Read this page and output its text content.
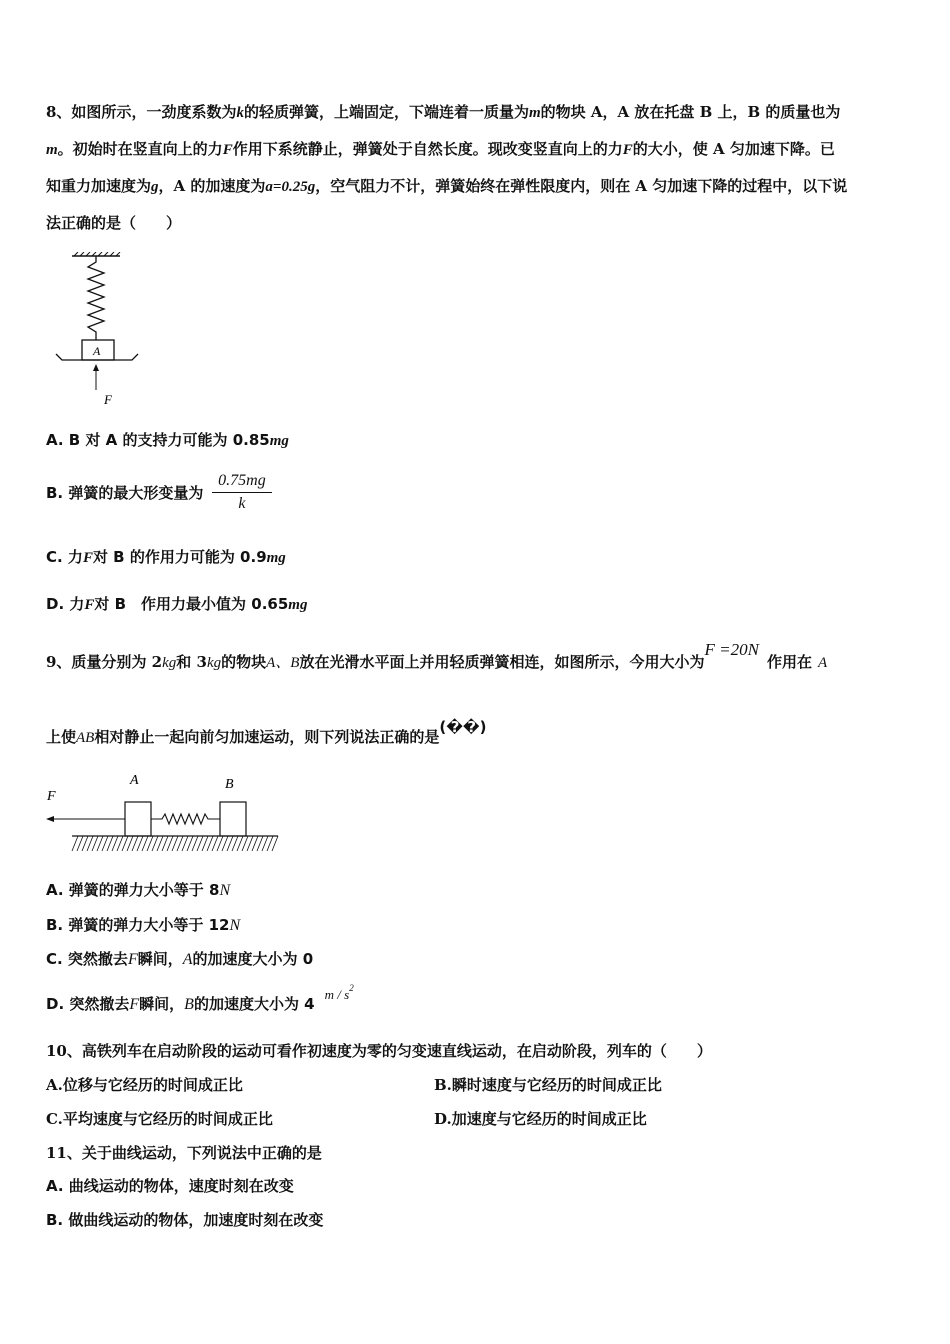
8、如图所示，一劲度系数为k的轻质弹簧，上端固定，下端连着一质量为m的物块 A，A 放在托盘 B 上，B 的质量也为
m。初始时在竖直向上的力F作用下系统静止，弹簧处于自然长度。现改变竖直向上的力F的大小，使 A 匀加速下降。已
知重力加速度为g，A 的加速度为a=0.25g，空气阻力不计，弹簧始终在弹性限度内，则在 A 匀加速下降的过程中，以下说
法正确的是（　　）
A
F
A. B 对 A 的支持力可能为 0.85mg
B. 弹簧的最大形变量为 $\frac{0.75mg}{k}$
C. 力F对 B 的作用力可能为 0.9mg
D. 力F对 B　作用力最小值为 0.65mg
9、质量分别为 2kg和 3kg的物块A、B放在光滑水平面上并用轻质弹簧相连，如图所示，今用大小为F =20N作用在 A
上使AB相对静止一起向前匀加速运动，则下列说法正确的是(��)
F
A	B
A. 弹簧的弹力大小等于 8N
B. 弹簧的弹力大小等于 12N
C. 突然撤去F瞬间，A的加速度大小为 0
D. 突然撤去F瞬间，B的加速度大小为 $4m / s^2$
10、高铁列车在启动阶段的运动可看作初速度为零的匀变速直线运动，在启动阶段，列车的（　　）
A.位移与它经历的时间成正比	B.瞬时速度与它经历的时间成正比
C.平均速度与它经历的时间成正比	D.加速度与它经历的时间成正比
11、关于曲线运动，下列说法中正确的是
A. 曲线运动的物体，速度时刻在改变
B. 做曲线运动的物体，加速度时刻在改变
